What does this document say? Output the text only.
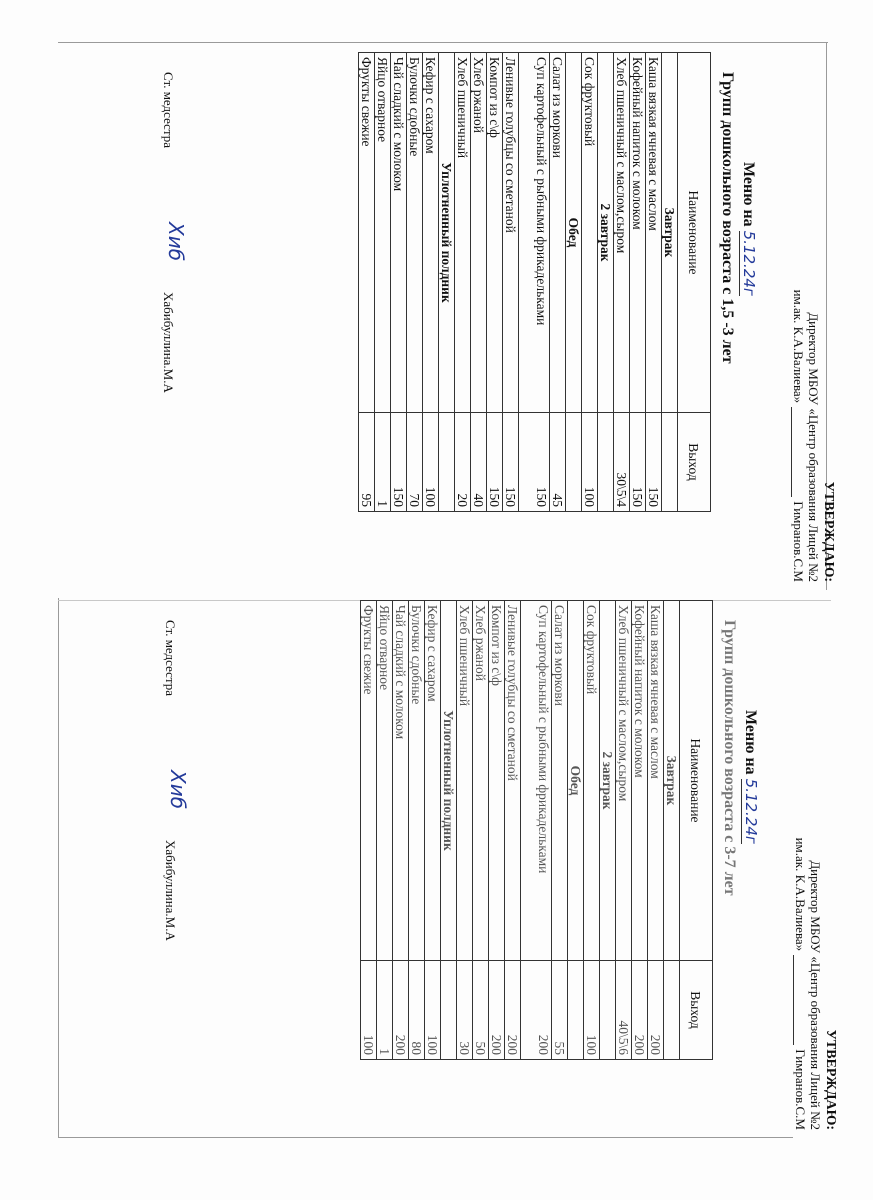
УТВЕРЖДАЮ:
Директор МБОУ «Центр образования Лицей №2
им.ак. К.А.Валиева»
Гимранов.С.М
Меню на 5.12.24г
Групп дошкольного возраста с 1,5 -3 лет
Наименование	Выход
Завтрак	
Каша вязкая ячневая с маслом	150
Кофейный напиток с молоком	150
Хлеб пшеничный с маслом,сыром	30\5\4
2 завтрак	
Сок фруктовый	100
Обед	
Салат из моркови	45
Суп картофельный с рыбными фрикадельками	150
Ленивые голубцы со сметаной	150
Компот из с\ф	150
Хлеб ржаной	40
Хлеб пшеничный	20
Уплотненный полдник	
Кефир с сахаром	100
Булочки сдобные	70
Чай сладкий с молоком	150
Яйцо отварное	1
Фрукты свежие	95
Ст. медсестра
Хиб
Хабибуллина.М.А
УТВЕРЖДАЮ:
Директор МБОУ «Центр образования Лицей №2
им.ак. К.А.Валиева»
Гимранов.С.М
Меню на 5.12.24г
Групп дошкольного возраста с 3-7 лет
Наименование	Выход
Завтрак	
Каша вязкая ячневая с маслом	200
Кофейный напиток с молоком	200
Хлеб пшеничный с маслом,сыром	40\5\6
2 завтрак	
Сок фруктовый	100
Обед	
Салат из моркови	55
Суп картофельный с рыбными фрикадельками	200
Ленивые голубцы со сметаной	200
Компот из с\ф	200
Хлеб ржаной	50
Хлеб пшеничный	30
Уплотненный полдник	
Кефир с сахаром	100
Булочки сдобные	80
Чай сладкий с молоком	200
Яйцо отварное	1
Фрукты свежие	100
Ст. медсестра
Хиб
Хабибуллина.М.А
